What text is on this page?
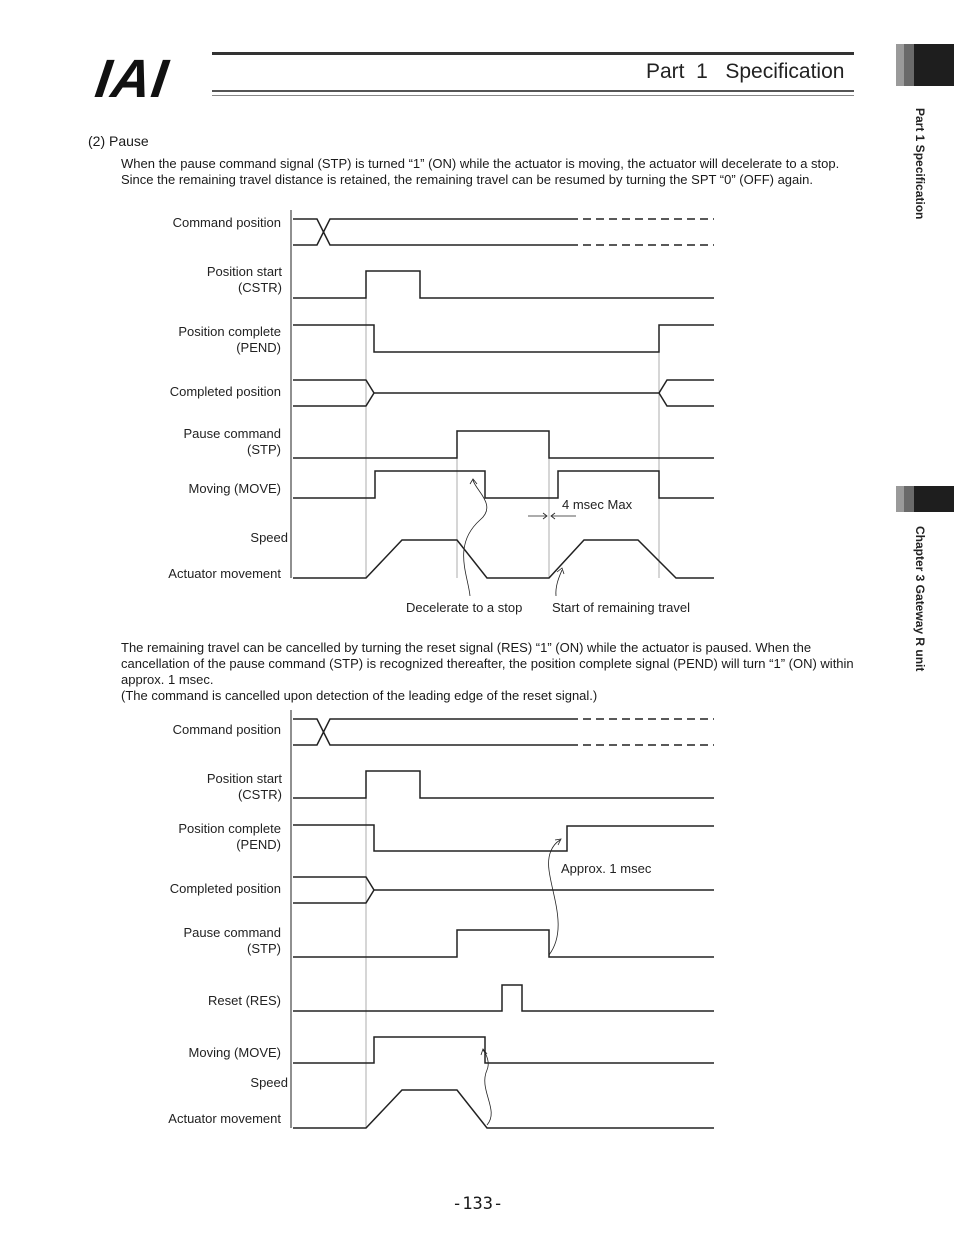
IAI	Part  1   Specification
Part 1 Specification
Chapter 3 Gateway R unit
(2) Pause

When the pause command signal (STP) is turned “1” (ON) while the actuator is moving, the actuator will decelerate to a stop.

Since the remaining travel distance is retained, the remaining travel can be resumed by turning the SPT “0” (OFF) again.

Command position
Position start
(CSTR)
Position complete
(PEND)
Completed position
Pause command
(STP)
Moving (MOVE)
Speed
Actuator movement
4 msec Max
Decelerate to a stop Start of remaining travel

The remaining travel can be cancelled by turning the reset signal (RES) “1” (ON) while the actuator is paused. When the cancellation of the pause command (STP) is recognized thereafter, the position complete signal (PEND) will turn “1” (ON) within approx. 1 msec.

(The command is cancelled upon detection of the leading edge of the reset signal.)

Command position
Position start
(CSTR)
Position complete
(PEND)
Completed position
Pause command
(STP)
Reset (RES)
Moving (MOVE)
Speed
Actuator movement
Approx. 1 msec
-133-
